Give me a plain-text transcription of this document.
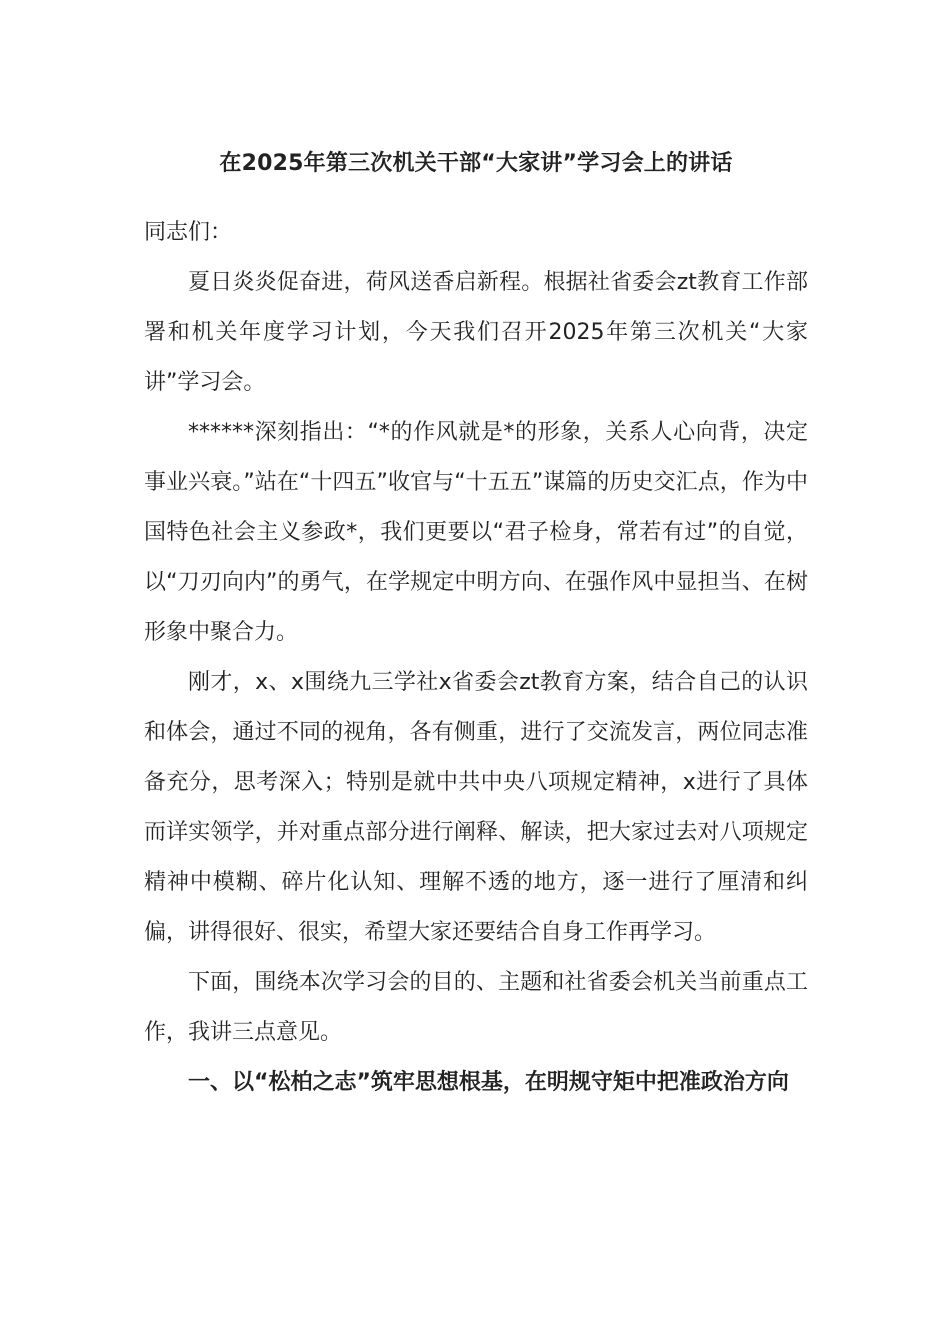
在2025年第三次机关干部“大家讲”学习会上的讲话

同志们：

夏日炎炎促奋进，荷风送香启新程。根据社省委会zt教育工作部署和机关年度学习计划，今天我们召开2025年第三次机关“大家讲”学习会。

******深刻指出：“*的作风就是*的形象，关系人心向背，决定事业兴衰。”站在“十四五”收官与“十五五”谋篇的历史交汇点，作为中国特色社会主义参政*，我们更要以“君子检身，常若有过”的自觉，以“刀刃向内”的勇气，在学规定中明方向、在强作风中显担当、在树形象中聚合力。

刚才，x、x围绕九三学社x省委会zt教育方案，结合自己的认识和体会，通过不同的视角，各有侧重，进行了交流发言，两位同志准备充分，思考深入；特别是就中共中央八项规定精神，x进行了具体而详实领学，并对重点部分进行阐释、解读，把大家过去对八项规定精神中模糊、碎片化认知、理解不透的地方，逐一进行了厘清和纠偏，讲得很好、很实，希望大家还要结合自身工作再学习。

下面，围绕本次学习会的目的、主题和社省委会机关当前重点工作，我讲三点意见。

一、以“松柏之志”筑牢思想根基，在明规守矩中把准政治方向
